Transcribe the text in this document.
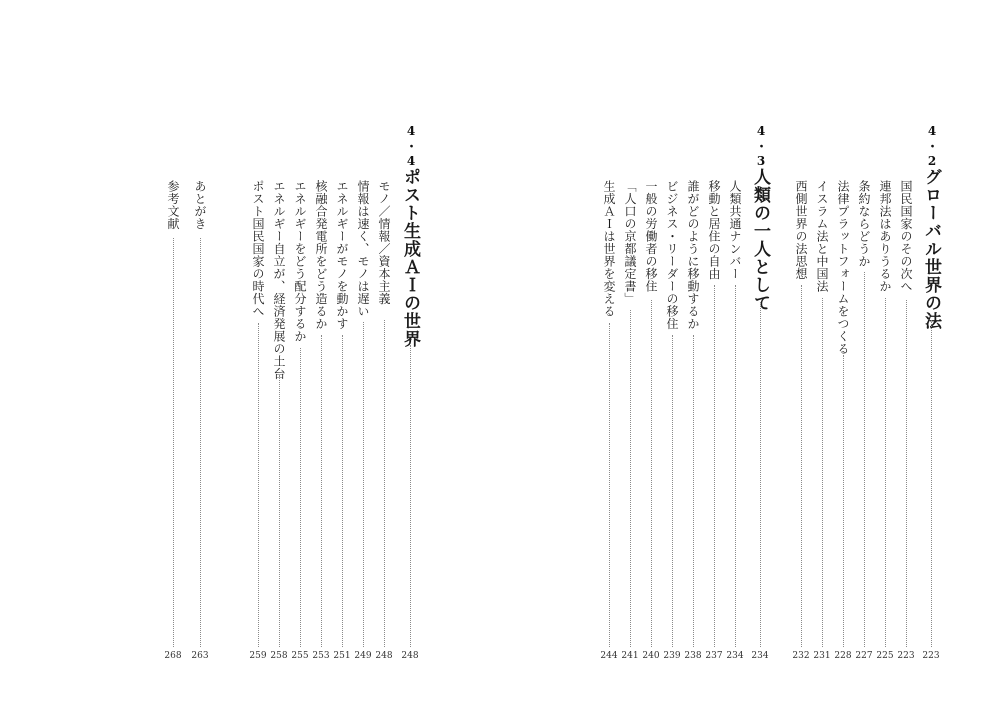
4・2
グローバル世界の法
223
国民国家のその次へ
223
連邦法はありうるか
225
条約ならどうか
227
法律プラットフォームをつくる
228
イスラム法と中国法
231
西側世界の法思想
232
4・3
人類の一人として
234
人類共通ナンバー
234
移動と居住の自由
237
誰がどのように移動するか
238
ビジネス・リーダーの移住
239
一般の労働者の移住
240
「人口の京都議定書」
241
生成ＡＩは世界を変える
244
4・4
ポスト生成ＡＩの世界
248
モノ／情報／資本主義
248
情報は速く、モノは遅い
249
エネルギーがモノを動かす
251
核融合発電所をどう造るか
253
エネルギーをどう配分するか
255
エネルギー自立が、経済発展の土台
258
ポスト国民国家の時代へ
259
あとがき
263
参考文献
268
